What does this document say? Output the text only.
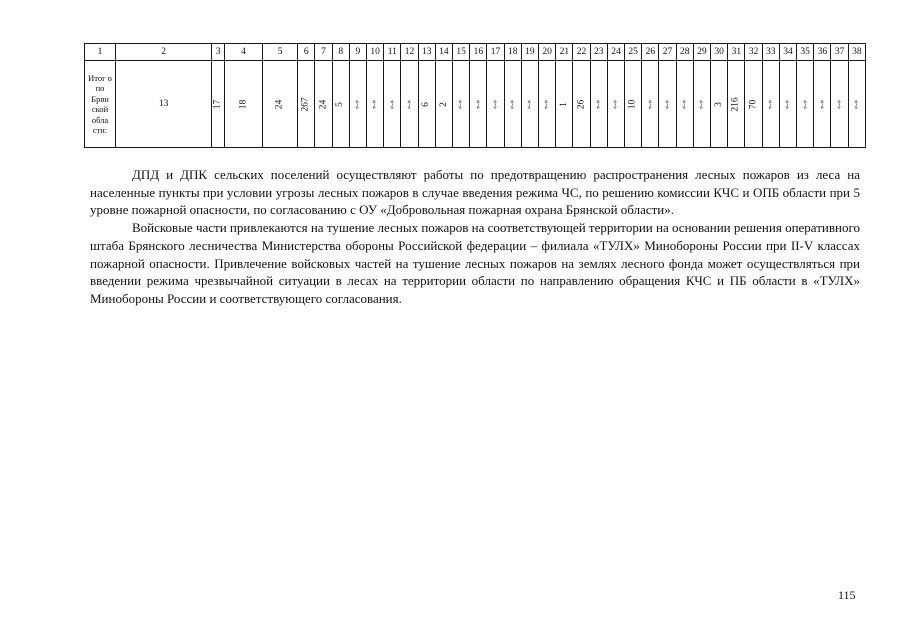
1	2	3	4	5	6	7	8	9	10	11	12	13	14	15	16	17	18	19	20	21	22	23	24	25	26	27	28	29	30	31	32	33	34	35	36	37	38
Итог о по Брян ской обла сти:	13	17	18	24	267	24	5	«-»	«-»	«-»	«-»	6	2	«-»	«-»	«-»	«-»	«-»	«-»	1	26	«-»	«-»	10	«-»	«-»	«-»	«-»	3	216	70	«-»	«-»	«-»	«-»	«-»	«-»

ДПД и ДПК сельских поселений осуществляют работы по предотвращению распространения лесных пожаров из леса на населенные пункты при условии угрозы лесных пожаров в случае введения режима ЧС, по решению комиссии КЧС и ОПБ области при 5 уровне пожарной опасности, по согласованию с ОУ «Добровольная пожарная охрана Брянской области».

Войсковые части привлекаются на тушение лесных пожаров на соответствующей территории на основании решения оперативного штаба Брянского лесничества Министерства обороны Российской федерации – филиала «ТУЛХ» Минобороны России при II-V классах пожарной опасности. Привлечение войсковых частей на тушение лесных пожаров на землях лесного фонда может осуществляться при введении режима чрезвычайной ситуации в лесах на территории области по направлению обращения КЧС и ПБ области в «ТУЛХ» Минобороны России и соответствующего согласования.

115
